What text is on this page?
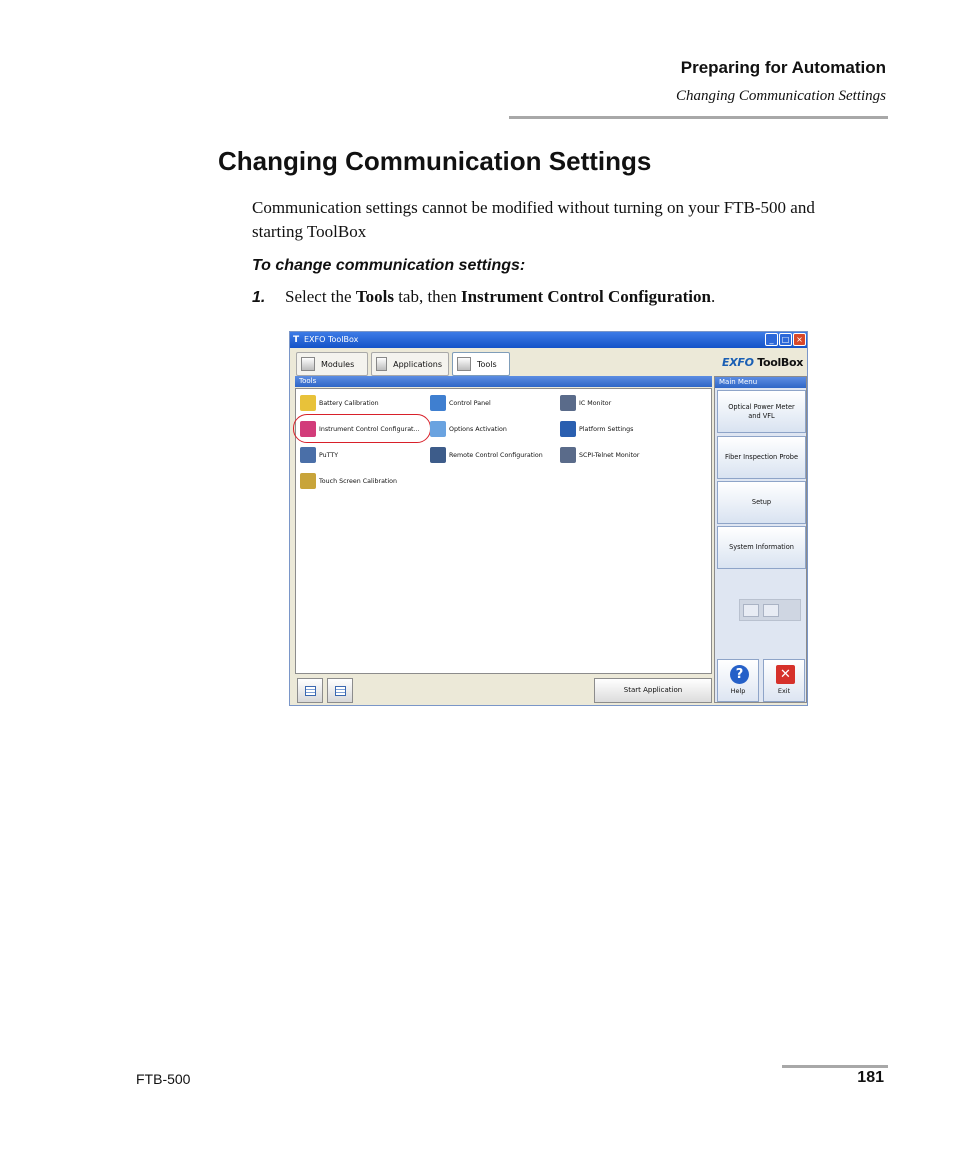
Preparing for Automation
Changing Communication Settings
Changing Communication Settings

Communication settings cannot be modified without turning on your FTB-500 and starting ToolBox

To change communication settings:
1. Select the Tools tab, then Instrument Control Configuration.
T EXFO ToolBox	_	□ ×
Modules	Applications	Tools	EXFO ToolBox
Tools
Battery Calibration	Control Panel	IC Monitor
Instrument Control Configurat...	Options Activation	Platform Settings
PuTTY	Remote Control Configuration	SCPI-Telnet Monitor
Touch Screen Calibration
Main Menu
Optical Power Meter and VFL
Fiber Inspection Probe
Setup
System Information
?
Help
✕
Exit
Start Application
FTB-500	181
